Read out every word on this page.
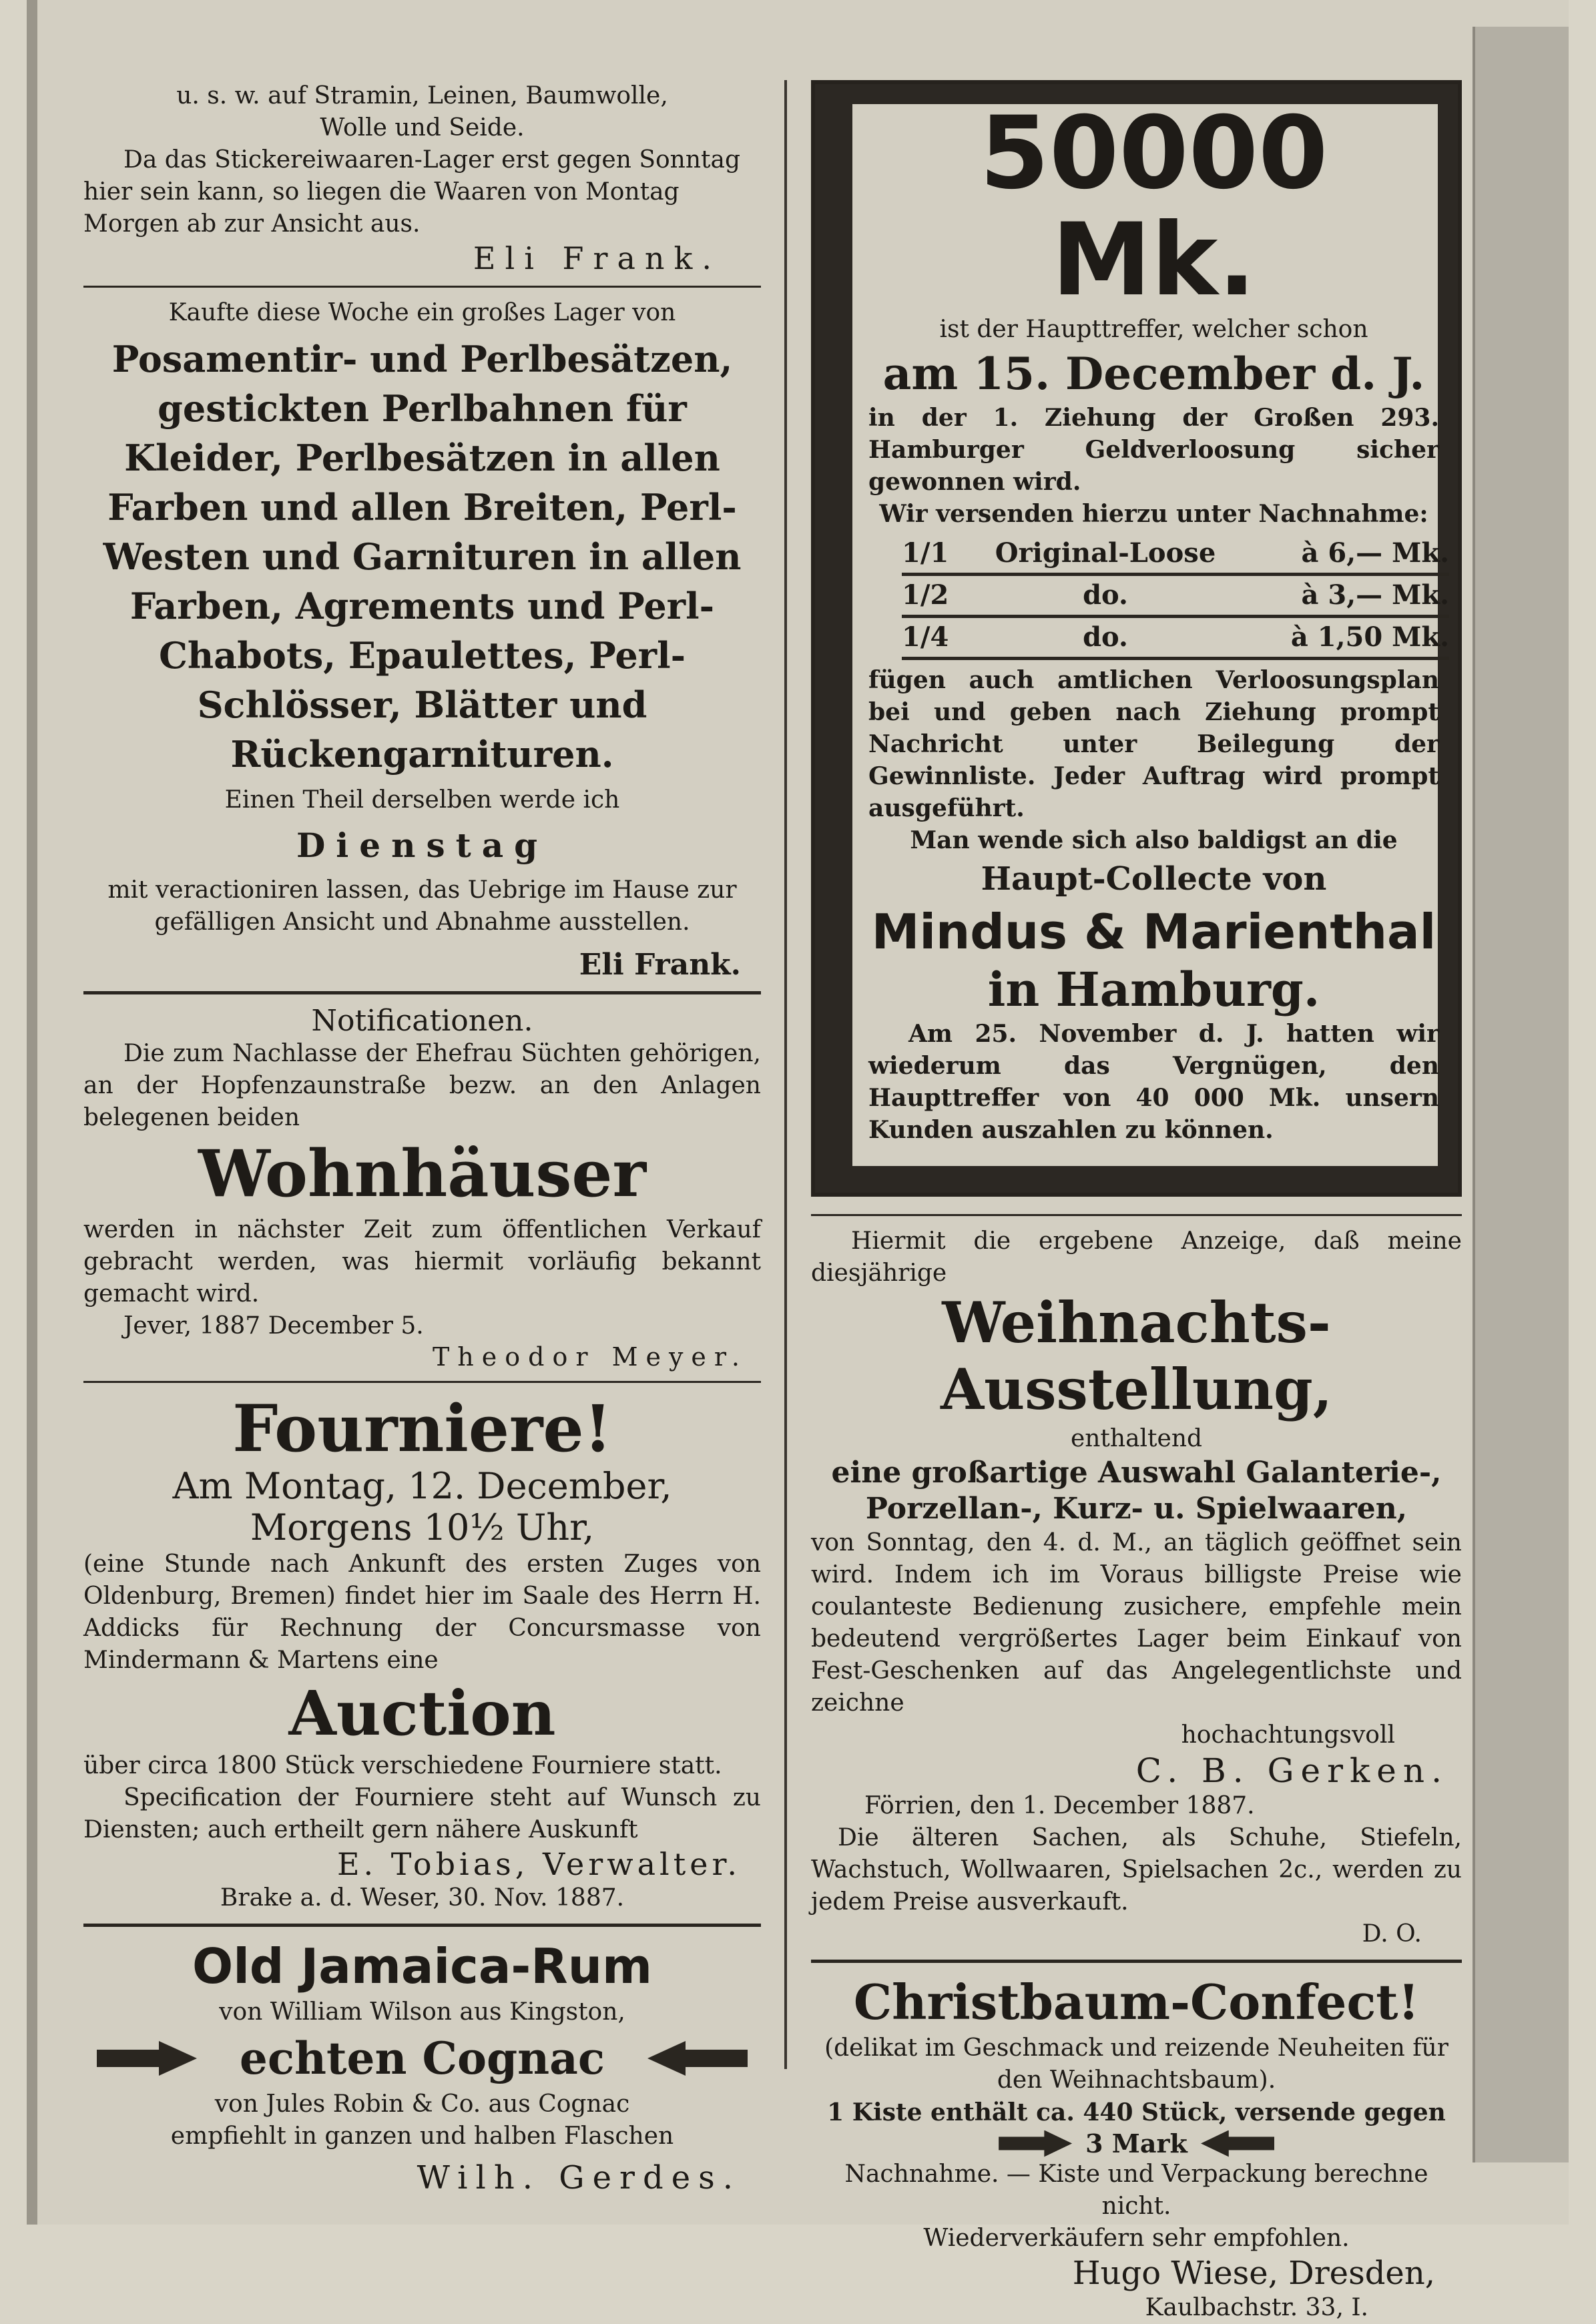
u. s. w. auf Stramin, Leinen, Baumwolle,

Wolle und Seide.

Da das Stickereiwaaren-Lager erst gegen Sonntag

hier sein kann, so liegen die Waaren von Montag

Morgen ab zur Ansicht aus.

Eli Frank.

Kaufte diese Woche ein großes Lager von

Posamentir- und Perlbesätzen, gestickten Perlbahnen für Kleider, Perlbesätzen in allen Farben und allen Breiten, Perl-Westen und Garnituren in allen Farben, Agrements und Perl-Chabots, Epaulettes, Perl-Schlösser, Blätter und Rückengarnituren.

Einen Theil derselben werde ich

Dienstag

mit veractioniren lassen, das Uebrige im Hause zur gefälligen Ansicht und Abnahme ausstellen.

Eli Frank.

Notificationen.

Die zum Nachlasse der Ehefrau Süchten gehörigen, an der Hopfenzaunstraße bezw. an den Anlagen belegenen beiden

Wohnhäuser

werden in nächster Zeit zum öffentlichen Verkauf gebracht werden, was hiermit vorläufig bekannt gemacht wird.

Jever, 1887 December 5.

Theodor Meyer.

Fourniere!

Am Montag, 12. December,

Morgens 10½ Uhr,

(eine Stunde nach Ankunft des ersten Zuges von Oldenburg, Bremen) findet hier im Saale des Herrn H. Addicks für Rechnung der Concursmasse von Mindermann & Martens eine

Auction

über circa 1800 Stück verschiedene Fourniere statt.

Specification der Fourniere steht auf Wunsch zu Diensten; auch ertheilt gern nähere Auskunft

E. Tobias, Verwalter.

Brake a. d. Weser, 30. Nov. 1887.

Old Jamaica-Rum

von William Wilson aus Kingston,

echten Cognac

von Jules Robin & Co. aus Cognac

empfiehlt in ganzen und halben Flaschen

Wilh. Gerdes.

50000 Mk.

ist der Haupttreffer, welcher schon

am 15. December d. J.

in der 1. Ziehung der Großen 293. Hamburger Geldverloosung sicher gewonnen wird.

Wir versenden hierzu unter Nachnahme:

1/1	Original-Loose	à 6,— Mk.
1/2	do.	à 3,— Mk.
1/4	do.	à 1,50 Mk.

fügen auch amtlichen Verloosungsplan bei und geben nach Ziehung prompt Nachricht unter Beilegung der Gewinnliste. Jeder Auftrag wird prompt ausgeführt.

Man wende sich also baldigst an die

Haupt-Collecte von

Mindus & Marienthal

in Hamburg.

Am 25. November d. J. hatten wir wiederum das Vergnügen, den Haupttreffer von 40 000 Mk. unsern Kunden auszahlen zu können.

Hiermit die ergebene Anzeige, daß meine diesjährige

Weihnachts-Ausstellung,

enthaltend

eine großartige Auswahl Galanterie-, Porzellan-, Kurz- u. Spielwaaren,

von Sonntag, den 4. d. M., an täglich geöffnet sein wird. Indem ich im Voraus billigste Preise wie coulanteste Bedienung zusichere, empfehle mein bedeutend vergrößertes Lager beim Einkauf von Fest-Geschenken auf das Angelegentlichste und zeichne

hochachtungsvoll

C. B. Gerken.

Förrien, den 1. December 1887.

Die älteren Sachen, als Schuhe, Stiefeln, Wachstuch, Wollwaaren, Spielsachen 2c., werden zu jedem Preise ausverkauft.

D. O.

Christbaum-Confect!

(delikat im Geschmack und reizende Neuheiten für den Weihnachtsbaum).

1 Kiste enthält ca. 440 Stück, versende gegen

3 Mark

Nachnahme. — Kiste und Verpackung berechne nicht.

Wiederverkäufern sehr empfohlen.

Hugo Wiese, Dresden,

Kaulbachstr. 33, I.
